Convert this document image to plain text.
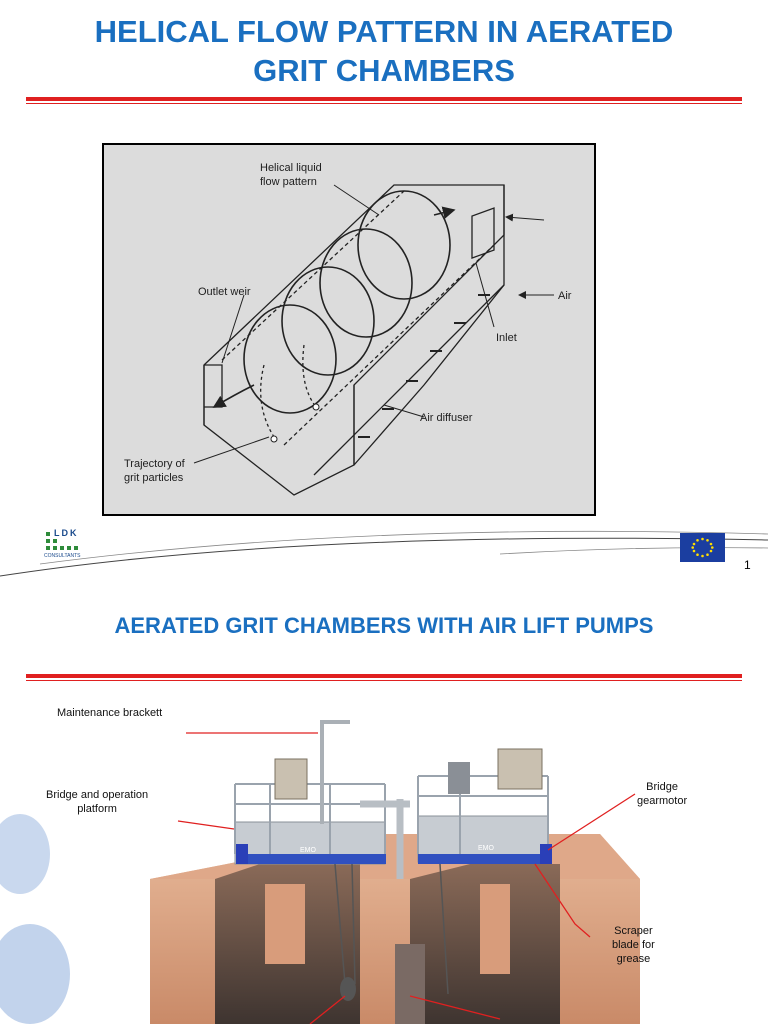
HELICAL FLOW PATTERN IN AERATED
GRIT CHAMBERS
Helical liquid
flow pattern
Outlet weir	Air
Inlet
Air diffuser
Trajectory of
grit particles
LDK
CONSULTANTS
1
AERATED GRIT CHAMBERS WITH AIR LIFT PUMPS
EMO	EMO
Maintenance brackett
Bridge and operation
platform
Bridge
gearmotor
Scraper
blade for
grease
